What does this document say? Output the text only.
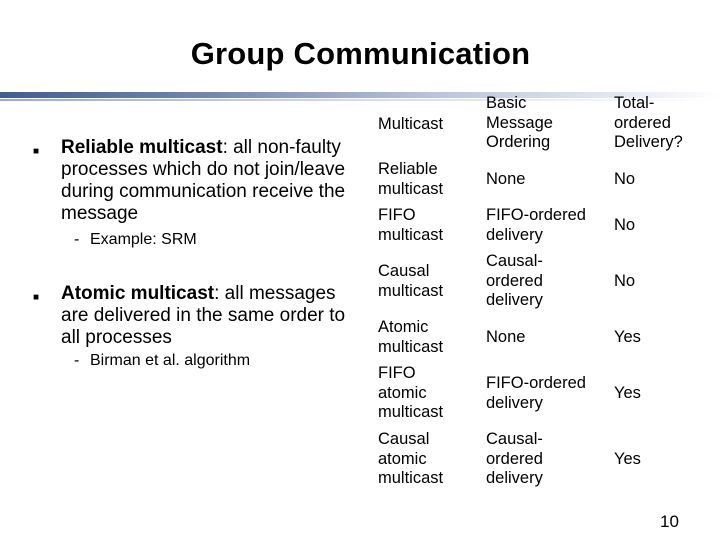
Group Communication
■ Reliable multicast: all non-faulty processes which do not join/leave during communication receive the message
- Example: SRM
■ Atomic multicast: all messages are delivered in the same order to all processes
- Birman et al. algorithm
Multicast
Basic Message Ordering
Total-ordered Delivery?
Reliable multicast
None	No
FIFO multicast
FIFO-ordered delivery
No
Causal multicast
Causal-ordered delivery
No
Atomic multicast
None	Yes
FIFO atomic multicast
FIFO-ordered delivery
Yes
Causal atomic multicast
Causal-ordered delivery
Yes
10
